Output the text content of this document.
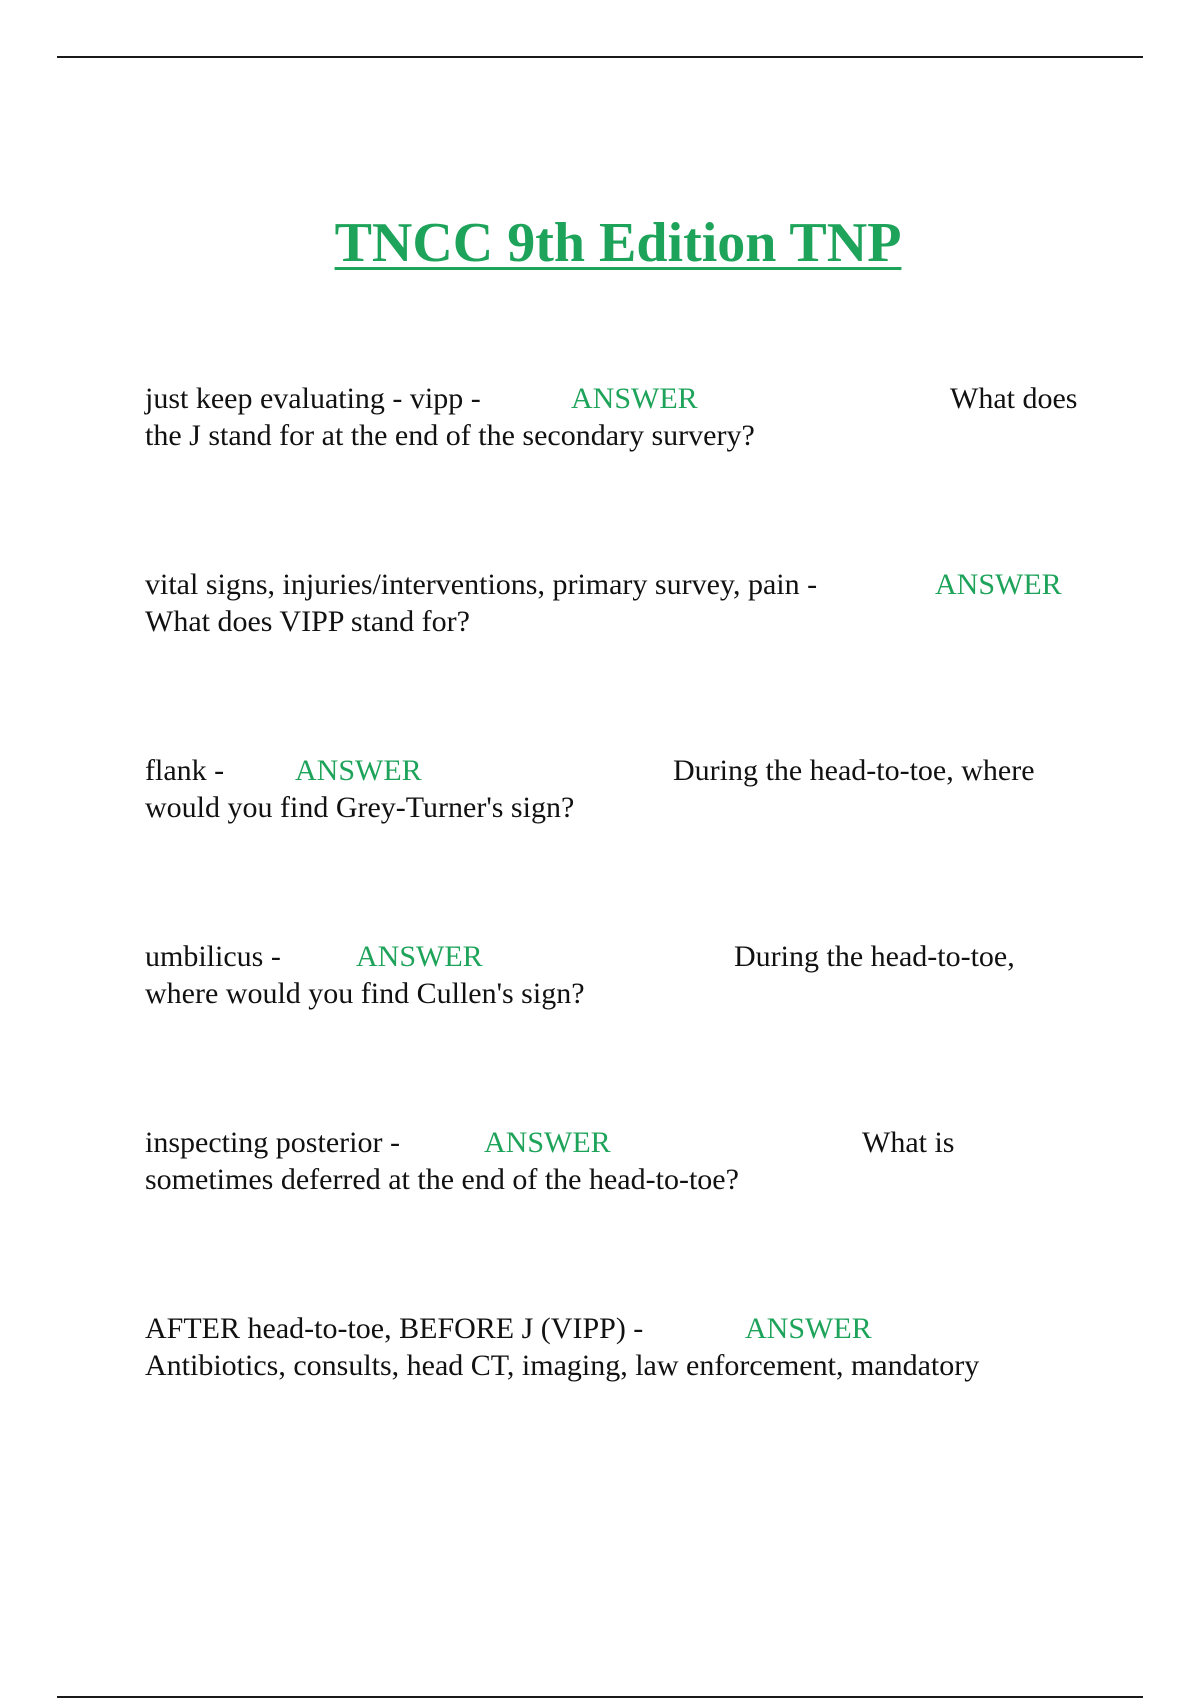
TNCC 9th Edition TNP
just keep evaluating - vipp -	ANSWER	What does
the J stand for at the end of the secondary survery?
vital signs, injuries/interventions, primary survey, pain -	ANSWER
What does VIPP stand for?
flank - ANSWER	During the head-to-toe, where
would you find Grey-Turner's sign?
umbilicus -	ANSWER	During the head-to-toe,
where would you find Cullen's sign?
inspecting posterior -	ANSWER	What is
sometimes deferred at the end of the head-to-toe?
AFTER head-to-toe, BEFORE J (VIPP) -	ANSWER
Antibiotics, consults, head CT, imaging, law enforcement, mandatory
